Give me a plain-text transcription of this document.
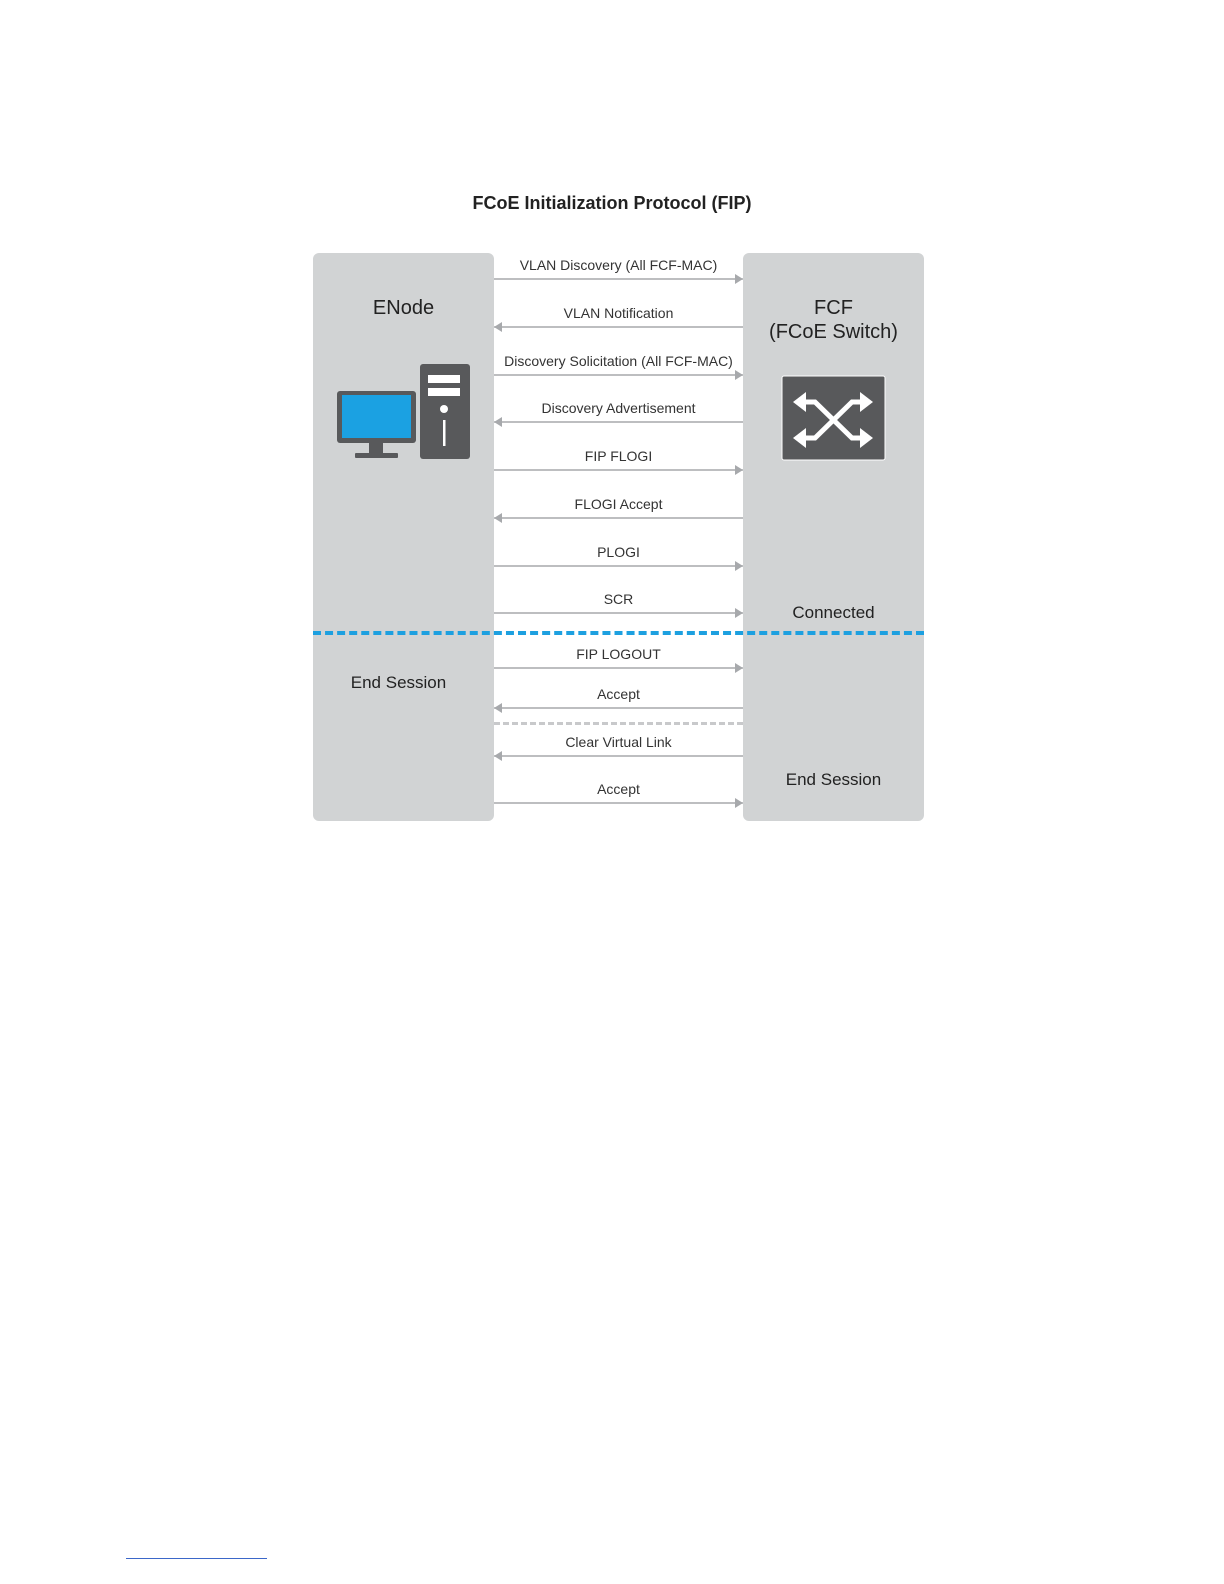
FCoE Initialization Protocol (FIP)
ENode	FCF
(FCoE Switch)
Connected
End Session
End Session
VLAN Discovery (All FCF-MAC)
VLAN Notification
Discovery Solicitation (All FCF-MAC)
Discovery Advertisement
FIP FLOGI
FLOGI Accept
PLOGI
SCR
FIP LOGOUT
Accept
Clear Virtual Link
Accept
